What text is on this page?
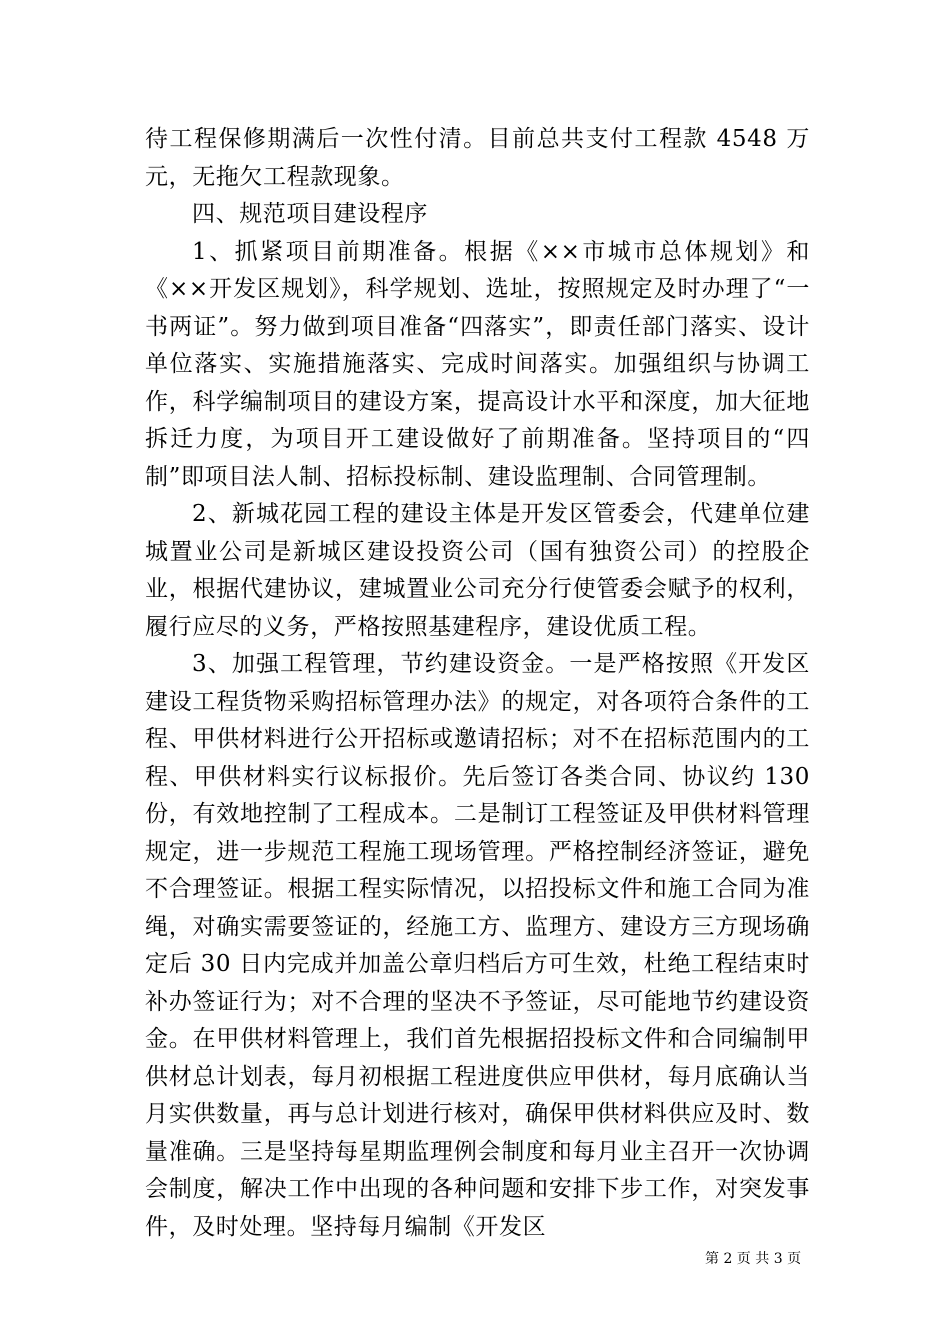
待工程保修期满后一次性付清。目前总共支付工程款 4548 万元，无拖欠工程款现象。

四、规范项目建设程序

1、抓紧项目前期准备。根据《××市城市总体规划》和《××开发区规划》，科学规划、选址，按照规定及时办理了“一书两证”。努力做到项目准备“四落实”，即责任部门落实、设计单位落实、实施措施落实、完成时间落实。加强组织与协调工作，科学编制项目的建设方案，提高设计水平和深度，加大征地拆迁力度，为项目开工建设做好了前期准备。坚持项目的“四制”即项目法人制、招标投标制、建设监理制、合同管理制。

2、新城花园工程的建设主体是开发区管委会，代建单位建城置业公司是新城区建设投资公司（国有独资公司）的控股企业，根据代建协议，建城置业公司充分行使管委会赋予的权利，履行应尽的义务，严格按照基建程序，建设优质工程。

3、加强工程管理，节约建设资金。一是严格按照《开发区建设工程货物采购招标管理办法》的规定，对各项符合条件的工程、甲供材料进行公开招标或邀请招标；对不在招标范围内的工程、甲供材料实行议标报价。先后签订各类合同、协议约 130 份，有效地控制了工程成本。二是制订工程签证及甲供材料管理规定，进一步规范工程施工现场管理。严格控制经济签证，避免不合理签证。根据工程实际情况，以招投标文件和施工合同为准绳，对确实需要签证的，经施工方、监理方、建设方三方现场确定后 30 日内完成并加盖公章归档后方可生效，杜绝工程结束时补办签证行为；对不合理的坚决不予签证，尽可能地节约建设资金。在甲供材料管理上，我们首先根据招投标文件和合同编制甲供材总计划表，每月初根据工程进度供应甲供材，每月底确认当月实供数量，再与总计划进行核对，确保甲供材料供应及时、数量准确。三是坚持每星期监理例会制度和每月业主召开一次协调会制度，解决工作中出现的各种问题和安排下步工作，对突发事件，及时处理。坚持每月编制《开发区

第 2 页 共 3 页
